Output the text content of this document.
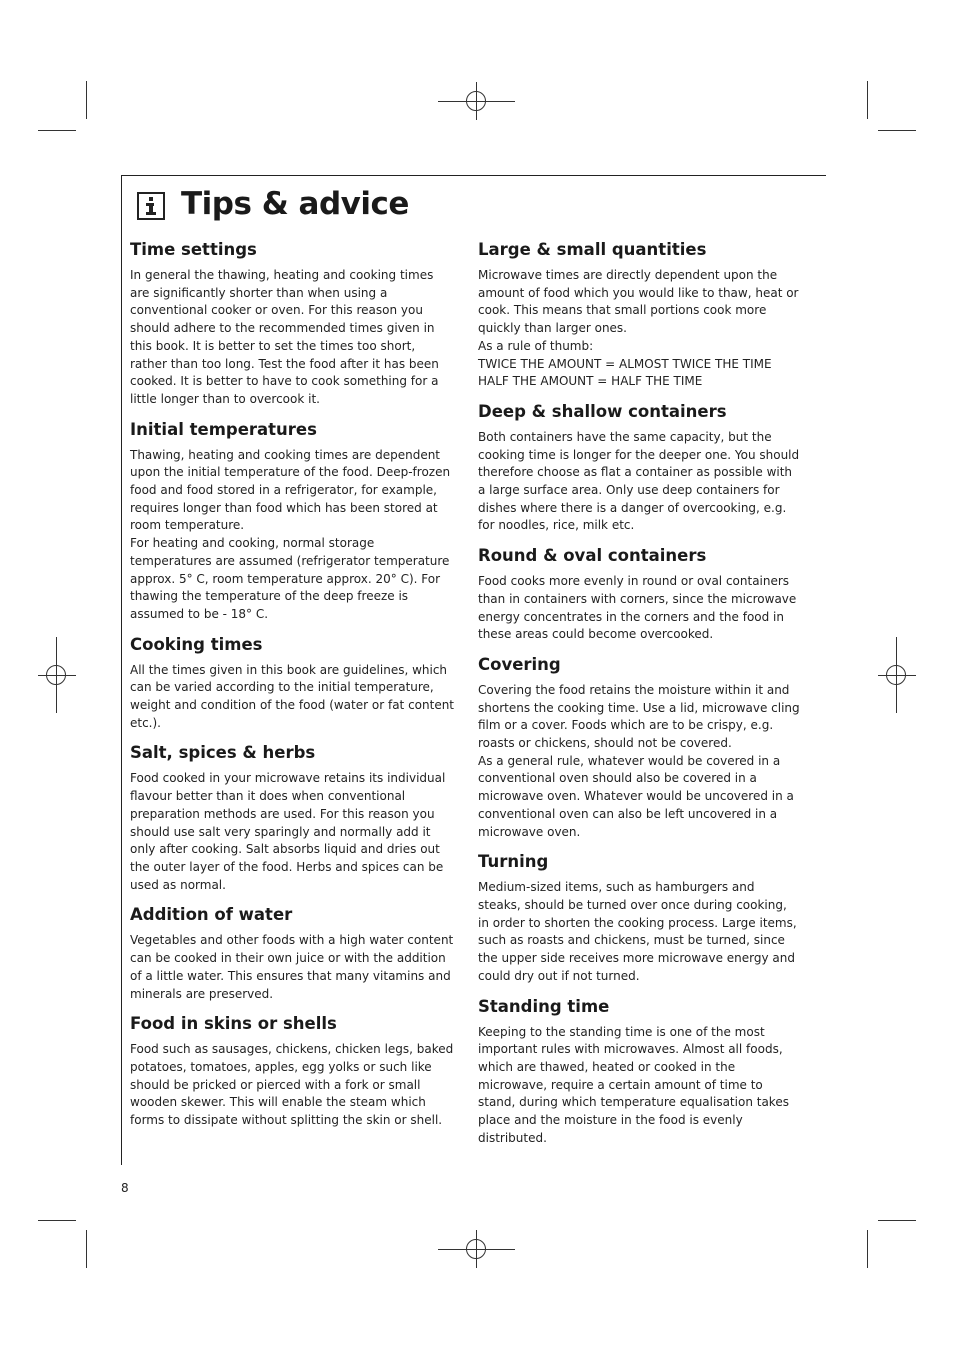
Tips & advice
Time settings

In general the thawing, heating and cooking times are significantly shorter than when using a conventional cooker or oven. For this reason you should adhere to the recommended times given in this book. It is better to set the times too short, rather than too long. Test the food after it has been cooked. It is better to have to cook something for a little longer than to overcook it.

Initial temperatures

Thawing, heating and cooking times are dependent upon the initial temperature of the food. Deep-frozen food and food stored in a refrigerator, for example, requires longer than food which has been stored at room temperature.

For heating and cooking, normal storage temperatures are assumed (refrigerator temperature approx. 5° C, room temperature approx. 20° C). For thawing the temperature of the deep freeze is assumed to be - 18° C.

Cooking times

All the times given in this book are guidelines, which can be varied according to the initial temperature, weight and condition of the food (water or fat content etc.).

Salt, spices & herbs

Food cooked in your microwave retains its individual flavour better than it does when conventional preparation methods are used. For this reason you should use salt very sparingly and normally add it only after cooking. Salt absorbs liquid and dries out the outer layer of the food. Herbs and spices can be used as normal.

Addition of water

Vegetables and other foods with a high water content can be cooked in their own juice or with the addition of a little water. This ensures that many vitamins and minerals are preserved.

Food in skins or shells

Food such as sausages, chickens, chicken legs, baked potatoes, tomatoes, apples, egg yolks or such like should be pricked or pierced with a fork or small wooden skewer. This will enable the steam which forms to dissipate without splitting the skin or shell.

Large & small quantities

Microwave times are directly dependent upon the amount of food which you would like to thaw, heat or cook. This means that small portions cook more quickly than larger ones.

As a rule of thumb:

TWICE THE AMOUNT = ALMOST TWICE THE TIME

HALF THE AMOUNT = HALF THE TIME

Deep & shallow containers

Both containers have the same capacity, but the cooking time is longer for the deeper one. You should therefore choose as flat a container as possible with a large surface area. Only use deep containers for dishes where there is a danger of overcooking, e.g. for noodles, rice, milk etc.

Round & oval containers

Food cooks more evenly in round or oval containers than in containers with corners, since the microwave energy concentrates in the corners and the food in these areas could become overcooked.

Covering

Covering the food retains the moisture within it and shortens the cooking time. Use a lid, microwave cling film or a cover. Foods which are to be crispy, e.g. roasts or chickens, should not be covered.

As a general rule, whatever would be covered in a conventional oven should also be covered in a microwave oven. Whatever would be uncovered in a conventional oven can also be left uncovered in a microwave oven.

Turning

Medium-sized items, such as hamburgers and steaks, should be turned over once during cooking, in order to shorten the cooking process. Large items, such as roasts and chickens, must be turned, since the upper side receives more microwave energy and could dry out if not turned.

Standing time

Keeping to the standing time is one of the most important rules with microwaves. Almost all foods, which are thawed, heated or cooked in the microwave, require a certain amount of time to stand, during which temperature equalisation takes place and the moisture in the food is evenly distributed.

8
